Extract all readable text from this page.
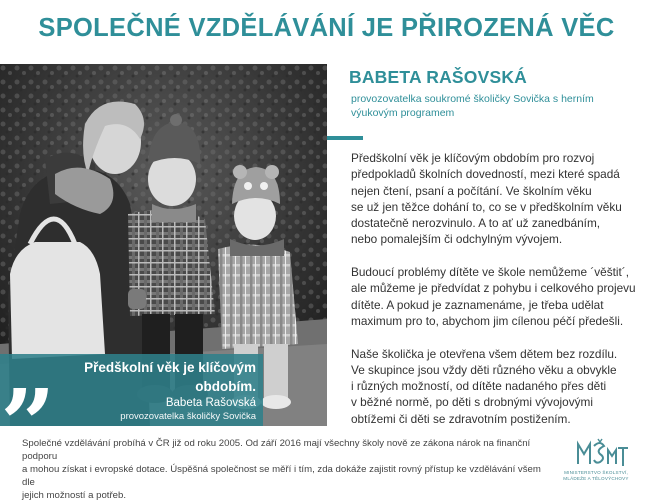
SPOLEČNÉ VZDĚLÁVÁNÍ JE PŘIROZENÁ VĚC
„ Předškolní věk je klíčovým
obdobím.
Babeta Rašovská
provozovatelka školičky Sovička
BABETA RAŠOVSKÁ
provozovatelka soukromé školičky Sovička s herním
výukovým programem

Předškolní věk je klíčovým obdobím pro rozvoj
předpokladů školních dovedností, mezi které spadá
nejen čtení, psaní a počítání. Ve školním věku
se už jen těžce dohání to, co se v předškolním věku
dostatečně nerozvinulo. A to ať už zanedbáním,
nebo pomalejším či odchylným vývojem.

Budoucí problémy dítěte ve škole nemůžeme ´věštit´,
ale můžeme je předvídat z pohybu i celkového projevu
dítěte. A pokud je zaznamenáme, je třeba udělat
maximum pro to, abychom jim cílenou péčí předešli.

Naše školička je otevřena všem dětem bez rozdílu.
Ve skupince jsou vždy děti různého věku a obvykle
i různých možností, od dítěte nadaného přes děti
v běžné normě, po děti s drobnými vývojovými
obtížemi či děti se zdravotním postižením.

Společné vzdělávání probíhá v ČR již od roku 2005. Od září 2016 mají všechny školy nově ze zákona nárok na finanční podporu
a mohou získat i evropské dotace. Úspěšná společnost se měří i tím, zda dokáže zajistit rovný přístup ke vzdělávání všem dle
jejich možností a potřeb.
MINISTERSTVO ŠKOLSTVÍ,
MLÁDEŽE A TĚLOVÝCHOVY
